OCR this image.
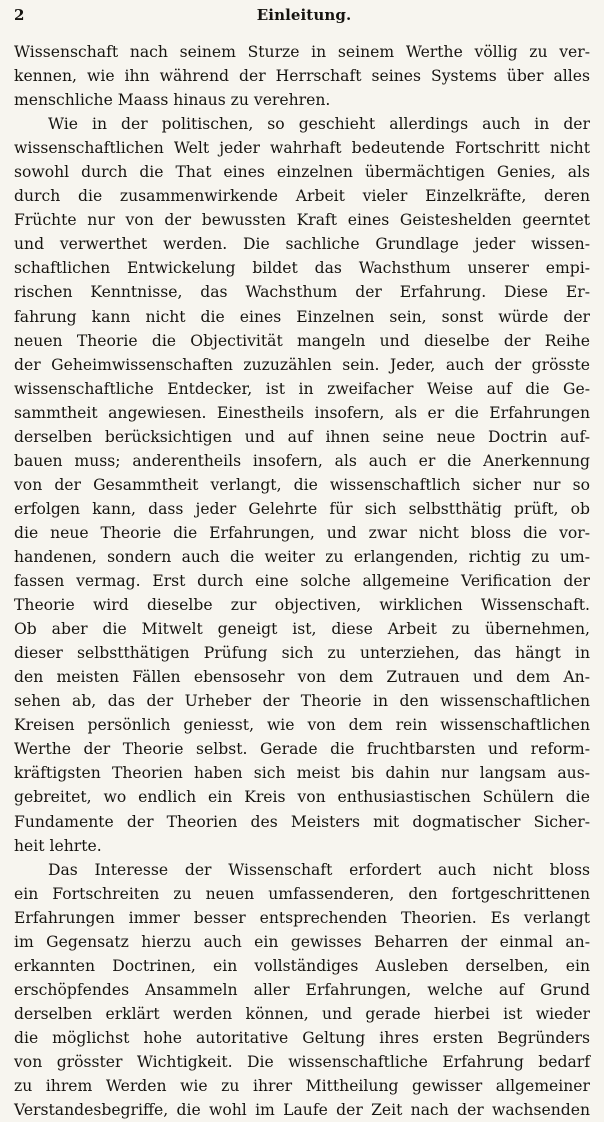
2	Einleitung.
Wissenschaft nach seinem Sturze in seinem Werthe völlig zu ver-
kennen, wie ihn während der Herrschaft seines Systems über alles
menschliche Maass hinaus zu verehren.
Wie in der politischen, so geschieht allerdings auch in der
wissenschaftlichen Welt jeder wahrhaft bedeutende Fortschritt nicht
sowohl durch die That eines einzelnen übermächtigen Genies, als
durch die zusammenwirkende Arbeit vieler Einzelkräfte, deren
Früchte nur von der bewussten Kraft eines Geisteshelden geerntet
und verwerthet werden. Die sachliche Grundlage jeder wissen-
schaftlichen Entwickelung bildet das Wachsthum unserer empi-
rischen Kenntnisse, das Wachsthum der Erfahrung. Diese Er-
fahrung kann nicht die eines Einzelnen sein, sonst würde der
neuen Theorie die Objectivität mangeln und dieselbe der Reihe
der Geheimwissenschaften zuzuzählen sein. Jeder, auch der grösste
wissenschaftliche Entdecker, ist in zweifacher Weise auf die Ge-
sammtheit angewiesen. Einestheils insofern, als er die Erfahrungen
derselben berücksichtigen und auf ihnen seine neue Doctrin auf-
bauen muss; anderentheils insofern, als auch er die Anerkennung
von der Gesammtheit verlangt, die wissenschaftlich sicher nur so
erfolgen kann, dass jeder Gelehrte für sich selbstthätig prüft, ob
die neue Theorie die Erfahrungen, und zwar nicht bloss die vor-
handenen, sondern auch die weiter zu erlangenden, richtig zu um-
fassen vermag. Erst durch eine solche allgemeine Verification der
Theorie wird dieselbe zur objectiven, wirklichen Wissenschaft.
Ob aber die Mitwelt geneigt ist, diese Arbeit zu übernehmen,
dieser selbstthätigen Prüfung sich zu unterziehen, das hängt in
den meisten Fällen ebensosehr von dem Zutrauen und dem An-
sehen ab, das der Urheber der Theorie in den wissenschaftlichen
Kreisen persönlich geniesst, wie von dem rein wissenschaftlichen
Werthe der Theorie selbst. Gerade die fruchtbarsten und reform-
kräftigsten Theorien haben sich meist bis dahin nur langsam aus-
gebreitet, wo endlich ein Kreis von enthusiastischen Schülern die
Fundamente der Theorien des Meisters mit dogmatischer Sicher-
heit lehrte.
Das Interesse der Wissenschaft erfordert auch nicht bloss
ein Fortschreiten zu neuen umfassenderen, den fortgeschrittenen
Erfahrungen immer besser entsprechenden Theorien. Es verlangt
im Gegensatz hierzu auch ein gewisses Beharren der einmal an-
erkannten Doctrinen, ein vollständiges Ausleben derselben, ein
erschöpfendes Ansammeln aller Erfahrungen, welche auf Grund
derselben erklärt werden können, und gerade hierbei ist wieder
die möglichst hohe autoritative Geltung ihres ersten Begründers
von grösster Wichtigkeit. Die wissenschaftliche Erfahrung bedarf
zu ihrem Werden wie zu ihrer Mittheilung gewisser allgemeiner
Verstandesbegriffe, die wohl im Laufe der Zeit nach der wachsenden
